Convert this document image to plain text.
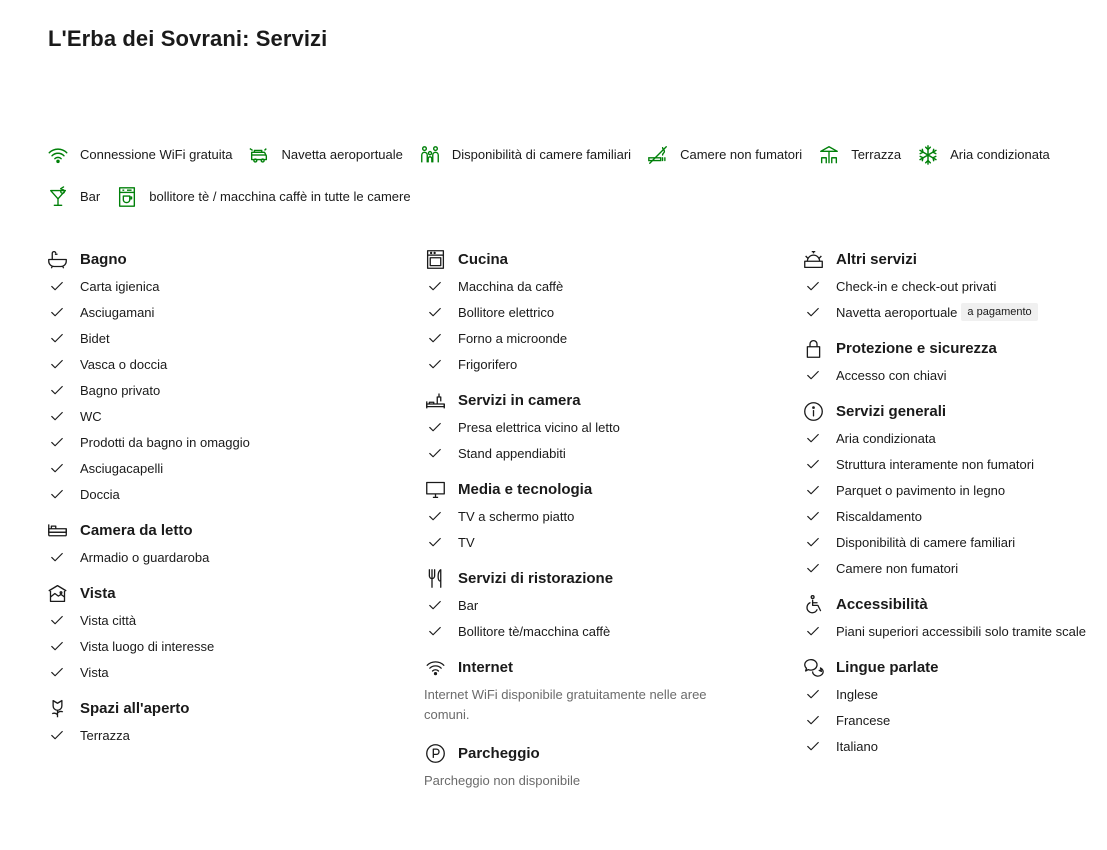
L'Erba dei Sovrani: Servizi
Connessione WiFi gratuita	Navetta aeroportuale	Disponibilità di camere familiari	Camere non fumatori	Terrazza	Aria condizionata
Bar	bollitore tè / macchina caffè in tutte le camere
Bagno
Carta igienica
Asciugamani
Bidet
Vasca o doccia
Bagno privato
WC
Prodotti da bagno in omaggio
Asciugacapelli
Doccia
Camera da letto
Armadio o guardaroba
Vista
Vista città
Vista luogo di interesse
Vista
Spazi all'aperto
Terrazza
Cucina
Macchina da caffè
Bollitore elettrico
Forno a microonde
Frigorifero
Servizi in camera
Presa elettrica vicino al letto
Stand appendiabiti
Media e tecnologia
TV a schermo piatto
TV
Servizi di ristorazione
Bar
Bollitore tè/macchina caffè
Internet
Internet WiFi disponibile gratuitamente nelle aree comuni.
Parcheggio
Parcheggio non disponibile
Altri servizi
Check-in e check-out privati
Navetta aeroportuale a pagamento
Protezione e sicurezza
Accesso con chiavi
Servizi generali
Aria condizionata
Struttura interamente non fumatori
Parquet o pavimento in legno
Riscaldamento
Disponibilità di camere familiari
Camere non fumatori
Accessibilità
Piani superiori accessibili solo tramite scale
Lingue parlate
Inglese
Francese
Italiano
